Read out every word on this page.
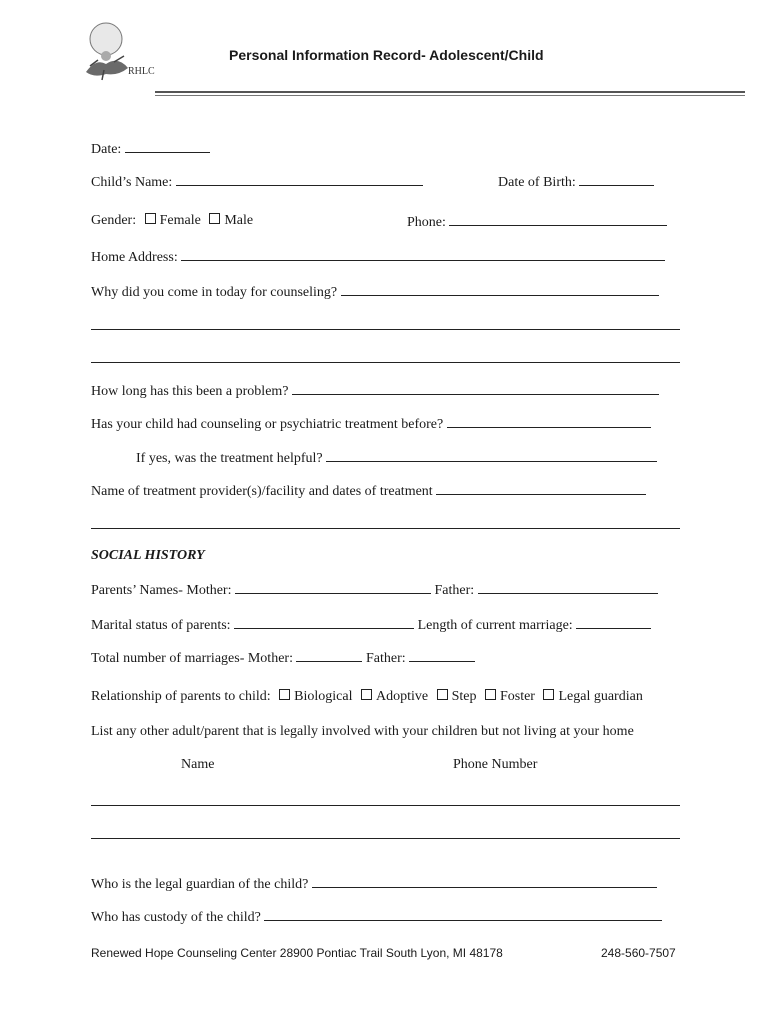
RHLC
Personal Information Record- Adolescent/Child
Date:
Child’s Name:	Date of Birth:
Gender: Female Male	Phone:
Home Address:
Why did you come in today for counseling?
How long has this been a problem?
Has your child had counseling or psychiatric treatment before?
If yes, was the treatment helpful?
Name of treatment provider(s)/facility and dates of treatment
SOCIAL HISTORY
Parents’ Names- Mother:	Father:
Marital status of parents:	Length of current marriage:
Total number of marriages- Mother:	Father:
Relationship of parents to child: Biological Adoptive Step Foster Legal guardian
List any other adult/parent that is legally involved with your children but not living at your home
Name	Phone Number
Who is the legal guardian of the child?
Who has custody of the child?
Renewed Hope Counseling Center 28900 Pontiac Trail South Lyon, MI 48178	248-560-7507
